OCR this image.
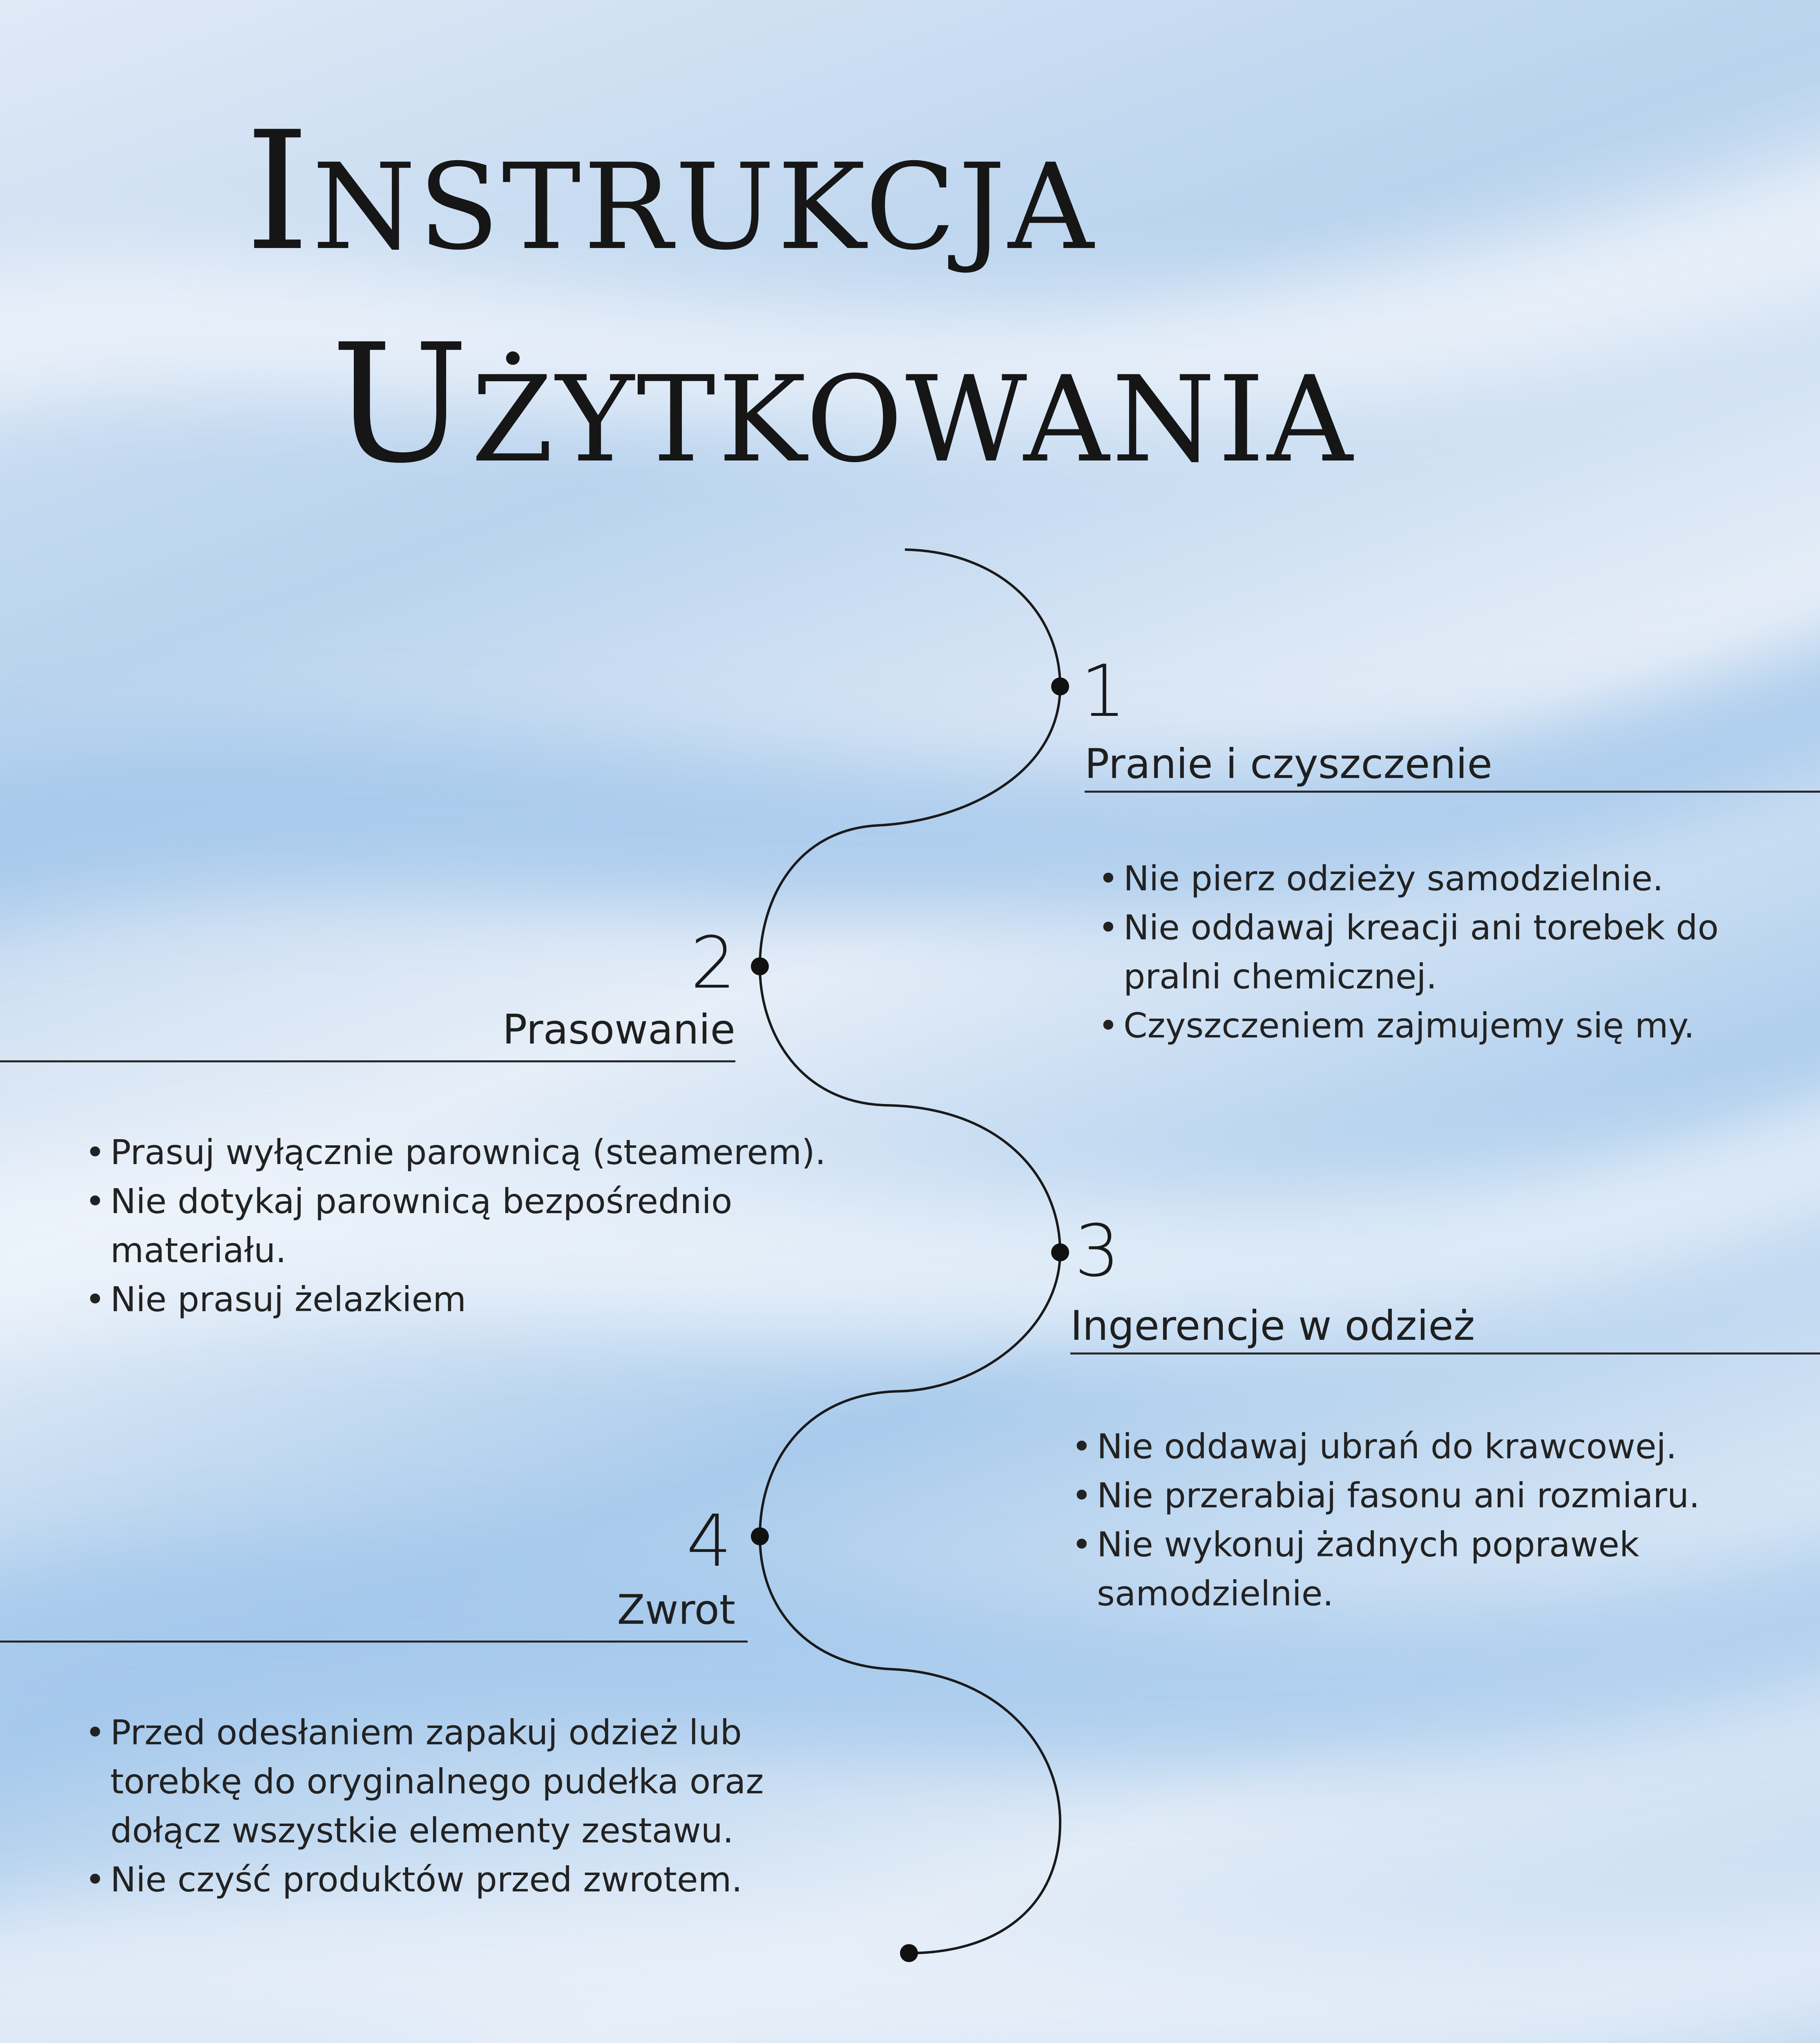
INSTRUKCJA
UŻYTKOWANIA
1
Pranie i czyszczenie
• Nie pierz odzieży samodzielnie.
• Nie oddawaj kreacji ani torebek do pralni chemicznej.
• Czyszczeniem zajmujemy się my.
2
Prasowanie
• Prasuj wyłącznie parownicą (steamerem).
• Nie dotykaj parownicą bezpośrednio materiału.
• Nie prasuj żelazkiem
3
Ingerencje w odzież
• Nie oddawaj ubrań do krawcowej.
• Nie przerabiaj fasonu ani rozmiaru.
• Nie wykonuj żadnych poprawek samodzielnie.
4
Zwrot
• Przed odesłaniem zapakuj odzież lub torebkę do oryginalnego pudełka oraz dołącz wszystkie elementy zestawu.
• Nie czyść produktów przed zwrotem.
